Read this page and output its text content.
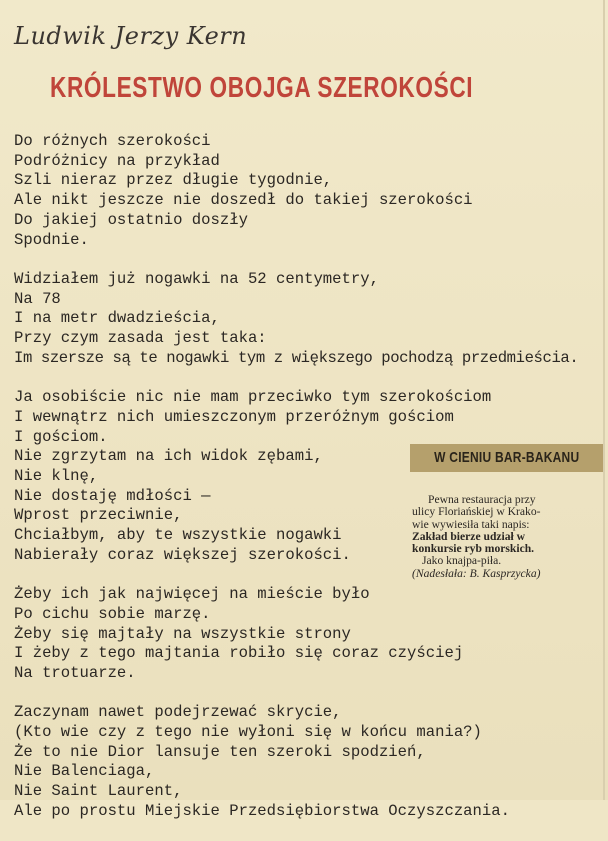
Ludwik Jerzy Kern
KRÓLESTWO OBOJGA SZEROKOŚCI
Do różnych szerokości
Podróżnicy na przykład
Szli nieraz przez długie tygodnie,
Ale nikt jeszcze nie doszedł do takiej szerokości
Do jakiej ostatnio doszły
Spodnie.
Widziałem już nogawki na 52 centymetry,
Na 78
I na metr dwadzieścia,
Przy czym zasada jest taka:
Im szersze są te nogawki tym z większego pochodzą przedmieścia.
Ja osobiście nic nie mam przeciwko tym szerokościom
I wewnątrz nich umieszczonym przeróżnym gościom
I gościom.
Nie zgrzytam na ich widok zębami,
Nie klnę,
Nie dostaję mdłości —
Wprost przeciwnie,
Chciałbym, aby te wszystkie nogawki
Nabierały coraz większej szerokości.
Żeby ich jak najwięcej na mieście było
Po cichu sobie marzę.
Żeby się majtały na wszystkie strony
I żeby z tego majtania robiło się coraz czyściej
Na trotuarze.
Zaczynam nawet podejrzewać skrycie,
(Kto wie czy z tego nie wyłoni się w końcu mania?)
Że to nie Dior lansuje ten szeroki spodzień,
Nie Balenciaga,
Nie Saint Laurent,
Ale po prostu Miejskie Przedsiębiorstwa Oczyszczania.
W CIENIU BAR-BAKANU
Pewna restauracja przy
ulicy Floriańskiej w Krako-
wie wywiesiła taki napis:
Zakład bierze udział w
konkursie ryb morskich.
Jako knajpa-piła.
(Nadesłała: B. Kasprzycka)
